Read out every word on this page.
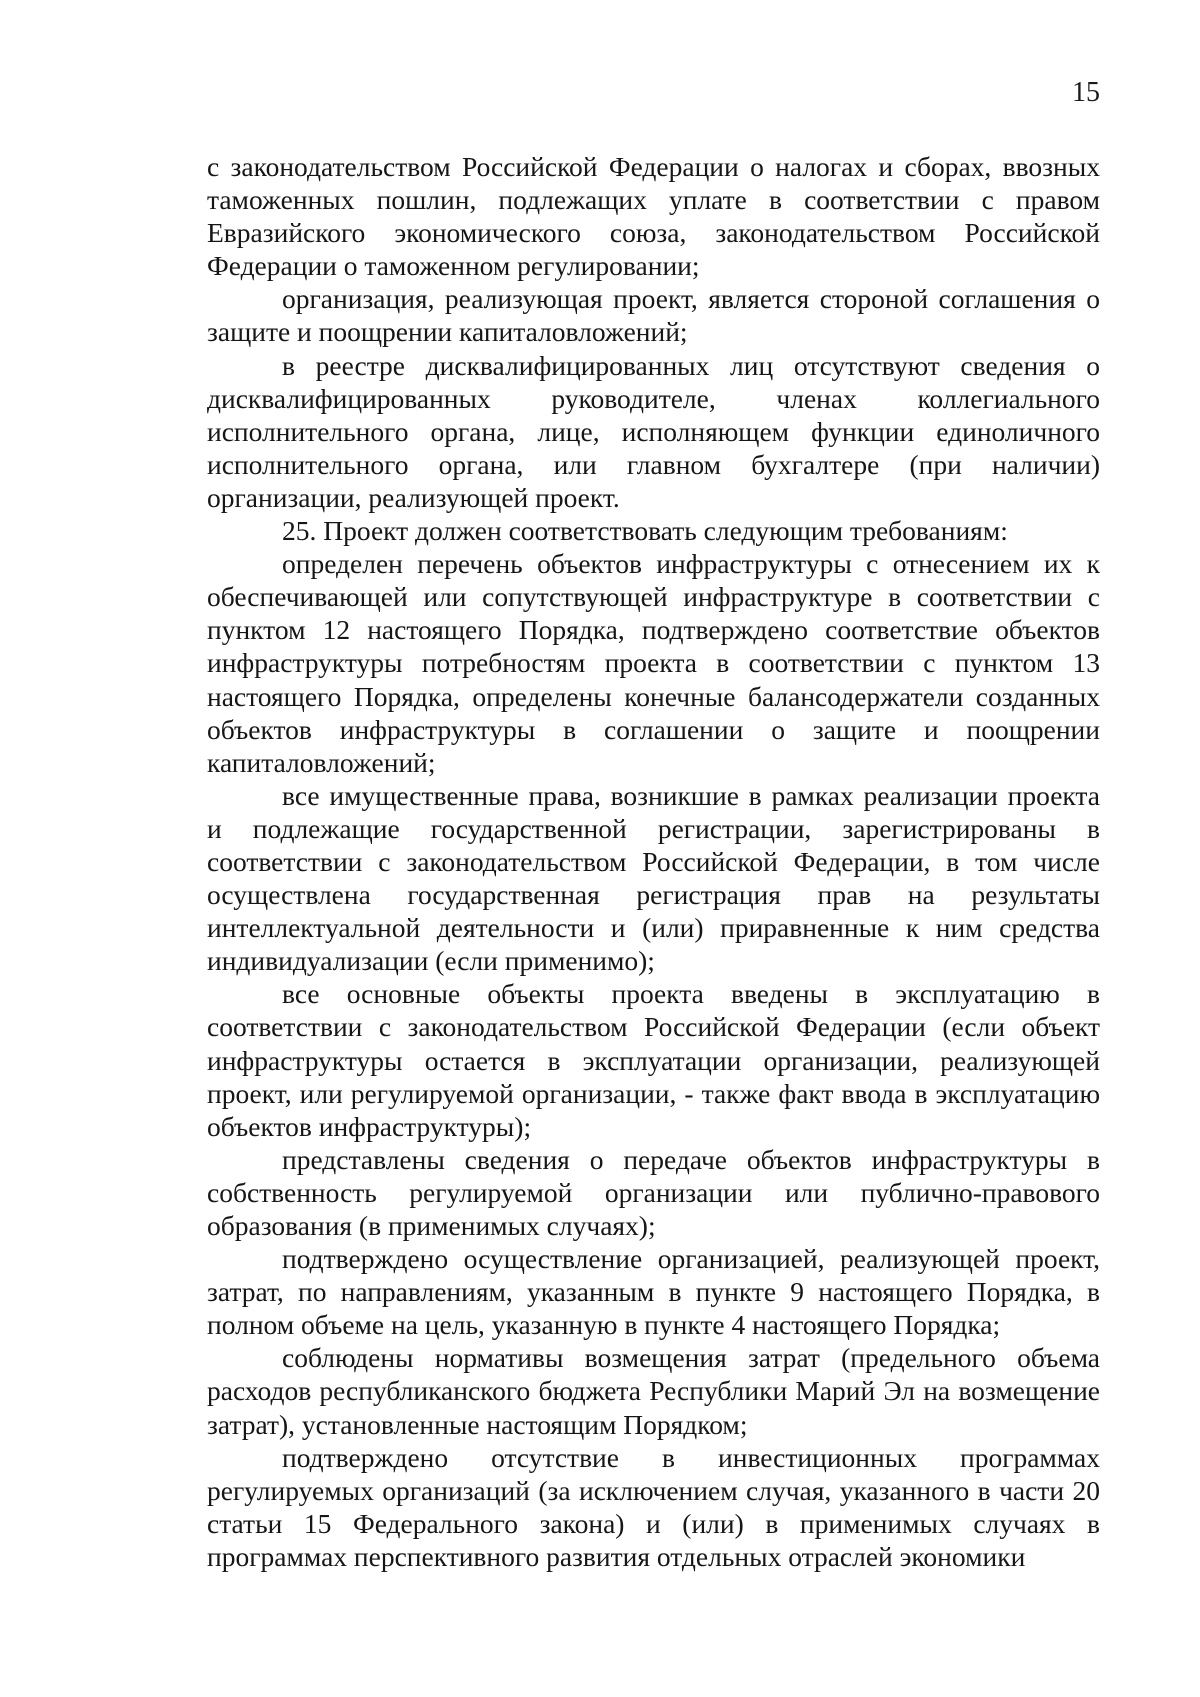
15

с законодательством Российской Федерации о налогах и сборах, ввозных таможенных пошлин, подлежащих уплате в соответствии с правом Евразийского экономического союза, законодательством Российской Федерации о таможенном регулировании;

организация, реализующая проект, является стороной соглашения о защите и поощрении капиталовложений;

в реестре дисквалифицированных лиц отсутствуют сведения о дисквалифицированных руководителе, членах коллегиального исполнительного органа, лице, исполняющем функции единоличного исполнительного органа, или главном бухгалтере (при наличии) организации, реализующей проект.

25. Проект должен соответствовать следующим требованиям:

определен перечень объектов инфраструктуры с отнесением их к обеспечивающей или сопутствующей инфраструктуре в соответствии с пунктом 12 настоящего Порядка, подтверждено соответствие объектов инфраструктуры потребностям проекта в соответствии с пунктом 13 настоящего Порядка, определены конечные балансодержатели созданных объектов инфраструктуры в соглашении о защите и поощрении капиталовложений;

все имущественные права, возникшие в рамках реализации проекта и подлежащие государственной регистрации, зарегистрированы в соответствии с законодательством Российской Федерации, в том числе осуществлена государственная регистрация прав на результаты интеллектуальной деятельности и (или) приравненные к ним средства индивидуализации (если применимо);

все основные объекты проекта введены в эксплуатацию в соответствии с законодательством Российской Федерации (если объект инфраструктуры остается в эксплуатации организации, реализующей проект, или регулируемой организации, - также факт ввода в эксплуатацию объектов инфраструктуры);

представлены сведения о передаче объектов инфраструктуры в собственность регулируемой организации или публично-правового образования (в применимых случаях);

подтверждено осуществление организацией, реализующей проект, затрат, по направлениям, указанным в пункте 9 настоящего Порядка, в полном объеме на цель, указанную в пункте 4 настоящего Порядка;

соблюдены нормативы возмещения затрат (предельного объема расходов республиканского бюджета Республики Марий Эл на возмещение затрат), установленные настоящим Порядком;

подтверждено отсутствие в инвестиционных программах регулируемых организаций (за исключением случая, указанного в части 20 статьи 15 Федерального закона) и (или) в применимых случаях в программах перспективного развития отдельных отраслей экономики
